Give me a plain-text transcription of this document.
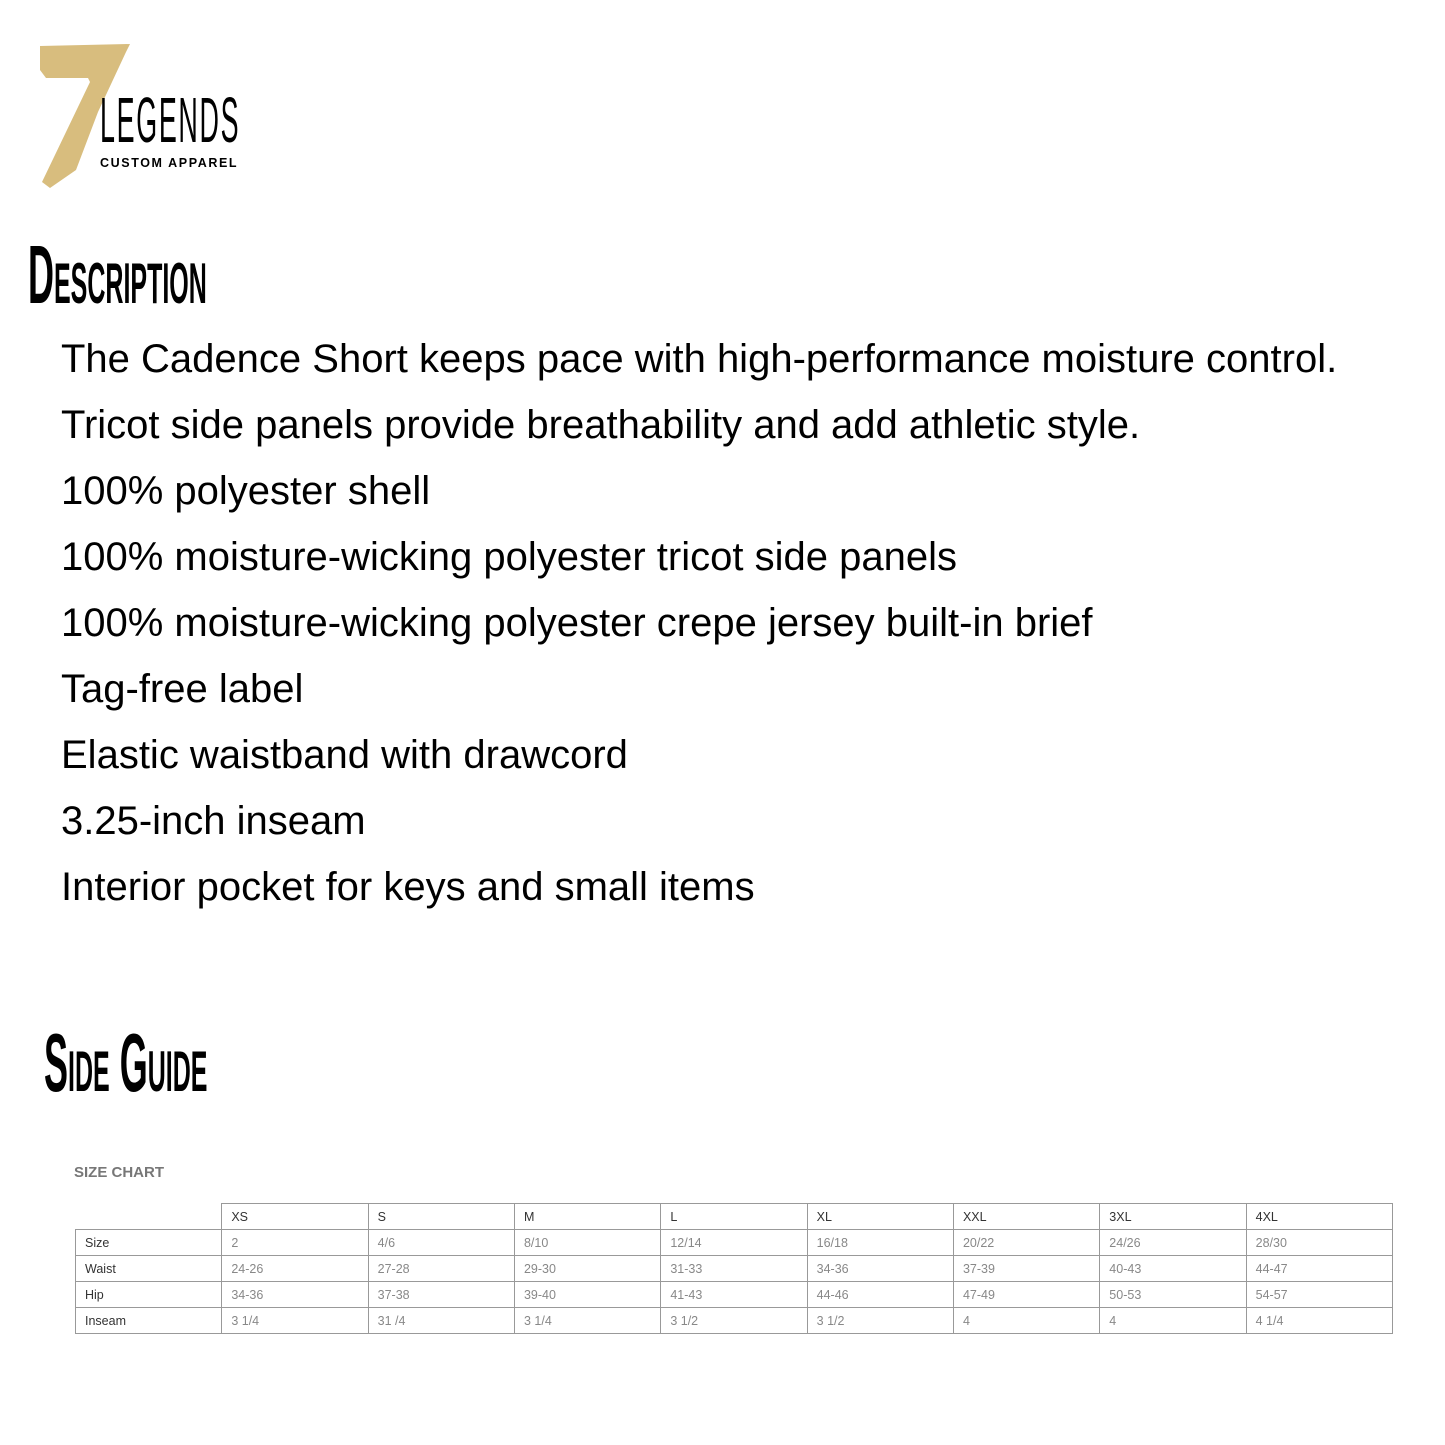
LEGENDS
CUSTOM APPAREL
Description

The Cadence Short keeps pace with high-performance moisture control. Tricot side panels provide breathability and add athletic style.

100% polyester shell

100% moisture-wicking polyester tricot side panels

100% moisture-wicking polyester crepe jersey built-in brief

Tag-free label

Elastic waistband with drawcord

3.25-inch inseam

Interior pocket for keys and small items

Side Guide
SIZE CHART
	XS	S	M	L	XL	XXL	3XL	4XL
Size	2	4/6	8/10	12/14	16/18	20/22	24/26	28/30
Waist	24-26	27-28	29-30	31-33	34-36	37-39	40-43	44-47
Hip	34-36	37-38	39-40	41-43	44-46	47-49	50-53	54-57
Inseam	3 1/4	31 /4	3 1/4	3 1/2	3 1/2	4	4	4 1/4
